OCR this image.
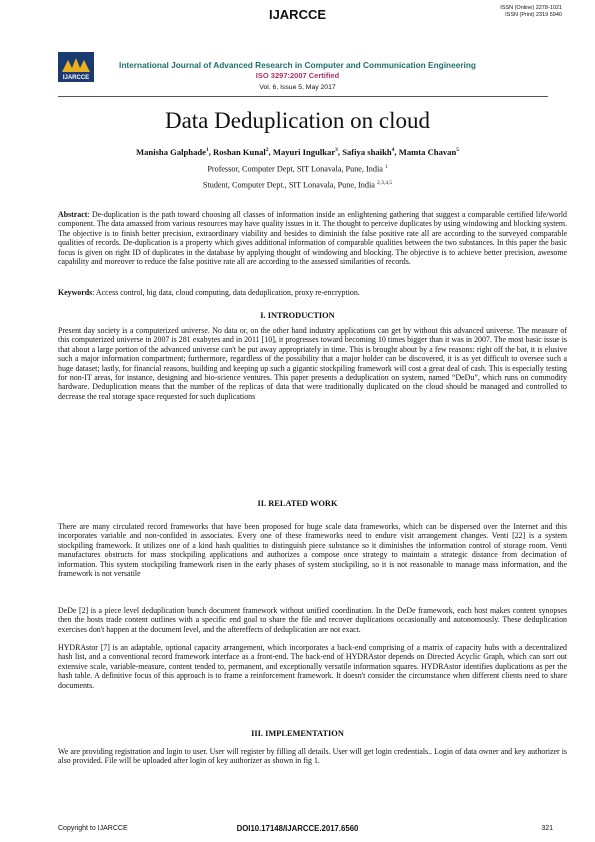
IJARCCE	ISSN (Online) 2278-1021
ISSN (Print) 2319 5940
IJARCCE
International Journal of Advanced Research in Computer and Communication Engineering
ISO 3297:2007 Certified
Vol. 6, Issue 5, May 2017
Data Deduplication on cloud
Manisha Galphade$^1$, Roshan Kunal$^2$, Mayuri Ingulkar$^3$, Safiya shaikh$^4$, Mamta Chavan$^5$
Professor, Computer Dept, SIT Lonavala, Pune, India $^1$
Student, Computer Dept., SIT Lonavala, Pune, India $^{2,3,4,5}$
Abstract: De-duplication is the path toward choosing all classes of information inside an enlightening gathering that suggest a comparable certified life/world component. The data amassed from various resources may have quality issues in it. The thought to perceive duplicates by using windowing and blocking system. The objective is to finish better precision, extraordinary viability and besides to diminish the false positive rate all are according to the surveyed comparable qualities of records. De-duplication is a property which gives additional information of comparable qualities between the two substances. In this paper the basic focus is given on right ID of duplicates in the database by applying thought of windowing and blocking. The objective is to achieve better precision, awesome capability and moreover to reduce the false positive rate all are according to the assessed similarities of records.
Keywords: Access control, big data, cloud computing, data deduplication, proxy re-encryption.
I. INTRODUCTION
Present day society is a computerized universe. No data or, on the other hand industry applications can get by without this advanced universe. The measure of this computerized universe in 2007 is 281 exabytes and in 2011 [10], it progresses toward becoming 10 times bigger than it was in 2007. The most basic issue is that about a large portion of the advanced universe can't be put away appropriately in time. This is brought about by a few reasons: right off the bat, it is elusive such a major information compartment; furthermore, regardless of the possibility that a major holder can be discovered, it is as yet difficult to oversee such a huge dataset; lastly, for financial reasons, building and keeping up such a gigantic stockpiling framework will cost a great deal of cash. This is especially testing for non-IT areas, for instance, designing and bio-science ventures. This paper presents a deduplication on system, named “DeDu”, which runs on commodity hardware. Deduplication means that the number of the replicas of data that were traditionally duplicated on the cloud should be managed and controlled to decrease the real storage space requested for such duplications
II. RELATED WORK
There are many circulated record frameworks that have been proposed for huge scale data frameworks, which can be dispersed over the Internet and this incorporates variable and non-confided in associates. Every one of these frameworks need to endure visit arrangement changes. Venti [22] is a system stockpiling framework. It utilizes one of a kind hash qualities to distinguish piece substance so it diminishes the information control of storage room. Venti manufactures obstructs for mass stockpiling applications and authorizes a compose once strategy to maintain a strategic distance from decimation of information. This system stockpiling framework risen in the early phases of system stockpiling, so it is not reasonable to manage mass information, and the framework is not versatile
DeDe [2] is a piece level deduplication bunch document framework without unified coordination. In the DeDe framework, each host makes content synopses then the hosts trade content outlines with a specific end goal to share the file and recover duplications occasionally and autonomously. These deduplication exercises don't happen at the document level, and the aftereffects of deduplication are not exact.
HYDRAstor [7] is an adaptable, optional capacity arrangement, which incorporates a back-end comprising of a matrix of capacity hubs with a decentralized hash list, and a conventional record framework interface as a front-end. The back-end of HYDRAstor depends on Directed Acyclic Graph, which can sort out extensive scale, variable-measure, content tended to, permanent, and exceptionally versatile information squares. HYDRAstor identifies duplications as per the hash table. A definitive focus of this approach is to frame a reinforcement framework. It doesn't consider the circumstance when different clients need to share documents.
III. IMPLEMENTATION
We are providing registration and login to user. User will register by filling all details. User will get login credentials.. Login of data owner and key authorizer is also provided. File will be uploaded after login of key authorizer as shown in fig 1.
Copyright to IJARCCE	DOI10.17148/IJARCCE.2017.6560	321
